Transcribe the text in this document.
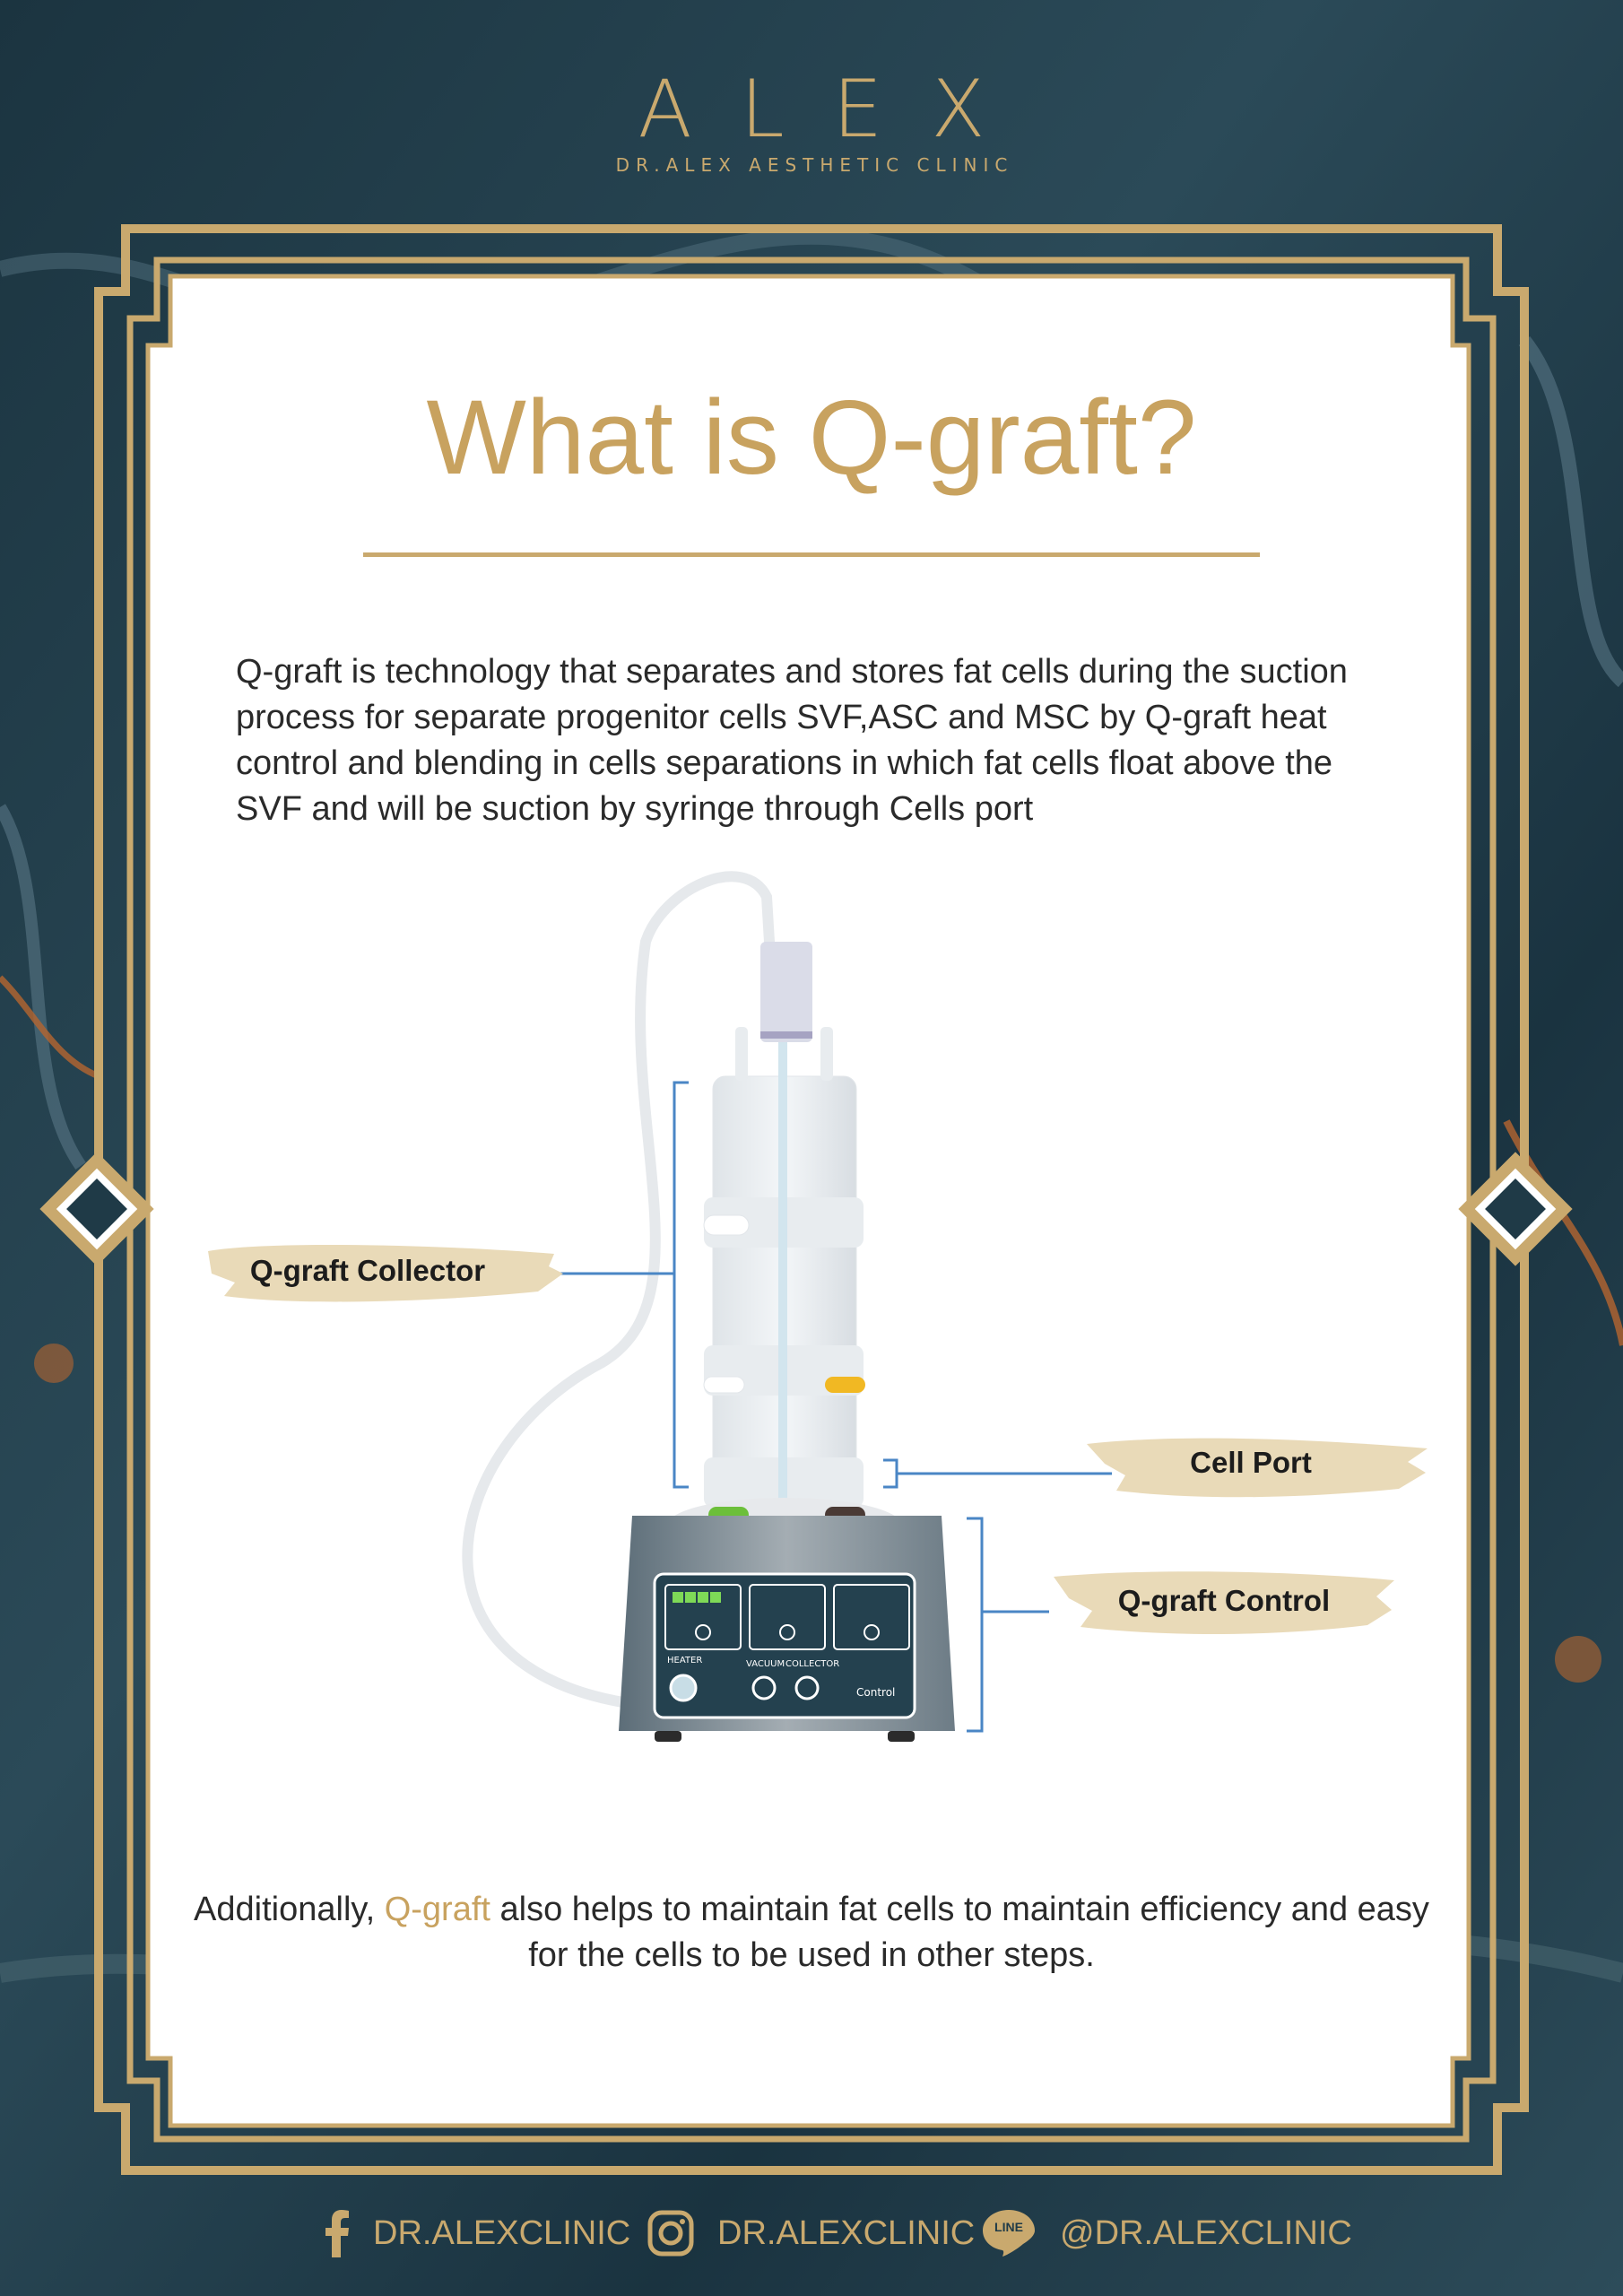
ALEX
DR.ALEX AESTHETIC CLINIC
What is Q-graft?
Q-graft is technology that separates and stores fat cells during the suction
process for separate progenitor cells SVF,ASC and MSC by Q-graft heat
control and blending in cells separations in which fat cells float above the
SVF and will be suction by syringe through Cells port
Q-graft Collector
Cell Port
Q-graft Control
HEATER	VACUUM COLLECTOR
Control
Additionally, Q-graft also helps to maintain fat cells to maintain efficiency and easy for the cells to be used in other steps.
DR.ALEXCLINIC	DR.ALEXCLINIC	LINE	@DR.ALEXCLINIC
